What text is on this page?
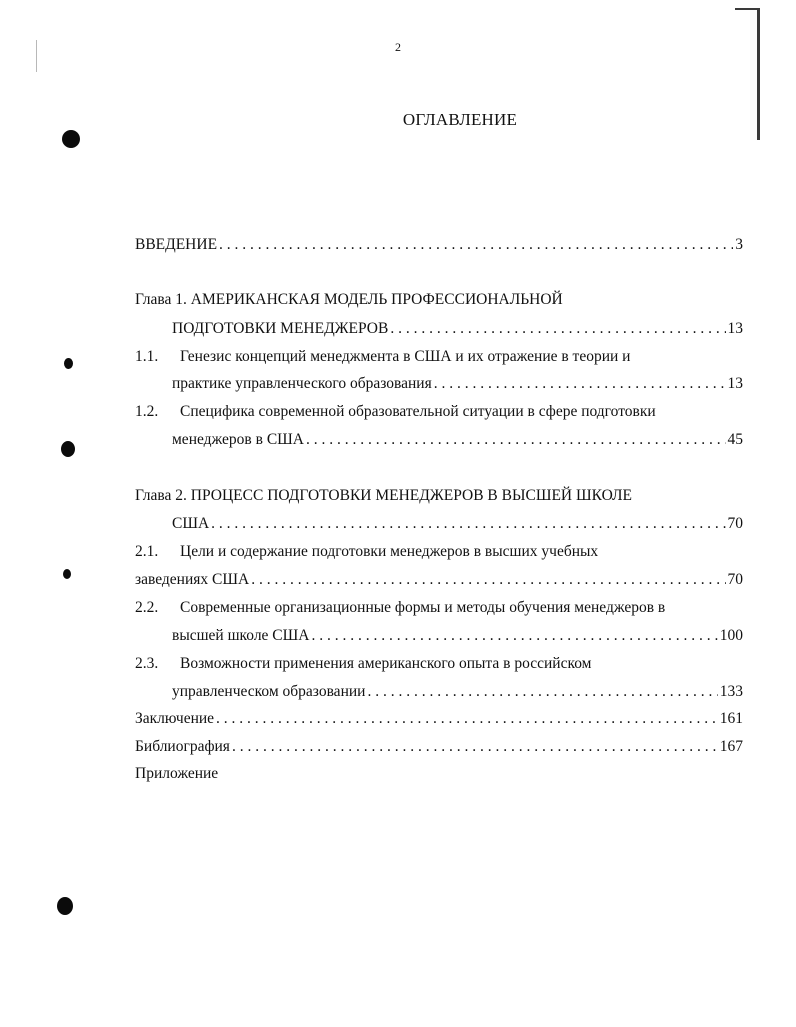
2
ОГЛАВЛЕНИЕ
ВВЕДЕНИЕ . . .	3
Глава 1. АМЕРИКАНСКАЯ МОДЕЛЬ ПРОФЕССИОНАЛЬНОЙ
ПОДГОТОВКИ МЕНЕДЖЕРОВ . . .	13
1.1. Генезис концепций менеджмента в США и их отражение в теории и
практике управленческого образования . . .	13
1.2. Специфика современной образовательной ситуации в сфере подготовки
менеджеров в США . . .	45
Глава 2. ПРОЦЕСС ПОДГОТОВКИ МЕНЕДЖЕРОВ В ВЫСШЕЙ ШКОЛЕ
США . . .	70
2.1. Цели и содержание подготовки менеджеров в высших учебных
заведениях США . . .	70
2.2. Современные организационные формы и методы обучения менеджеров в
высшей школе США . . .	100
2.3. Возможности применения американского опыта в российском
управленческом образовании . . .	133
Заключение . . .	161
Библиография . . .	167
Приложение
